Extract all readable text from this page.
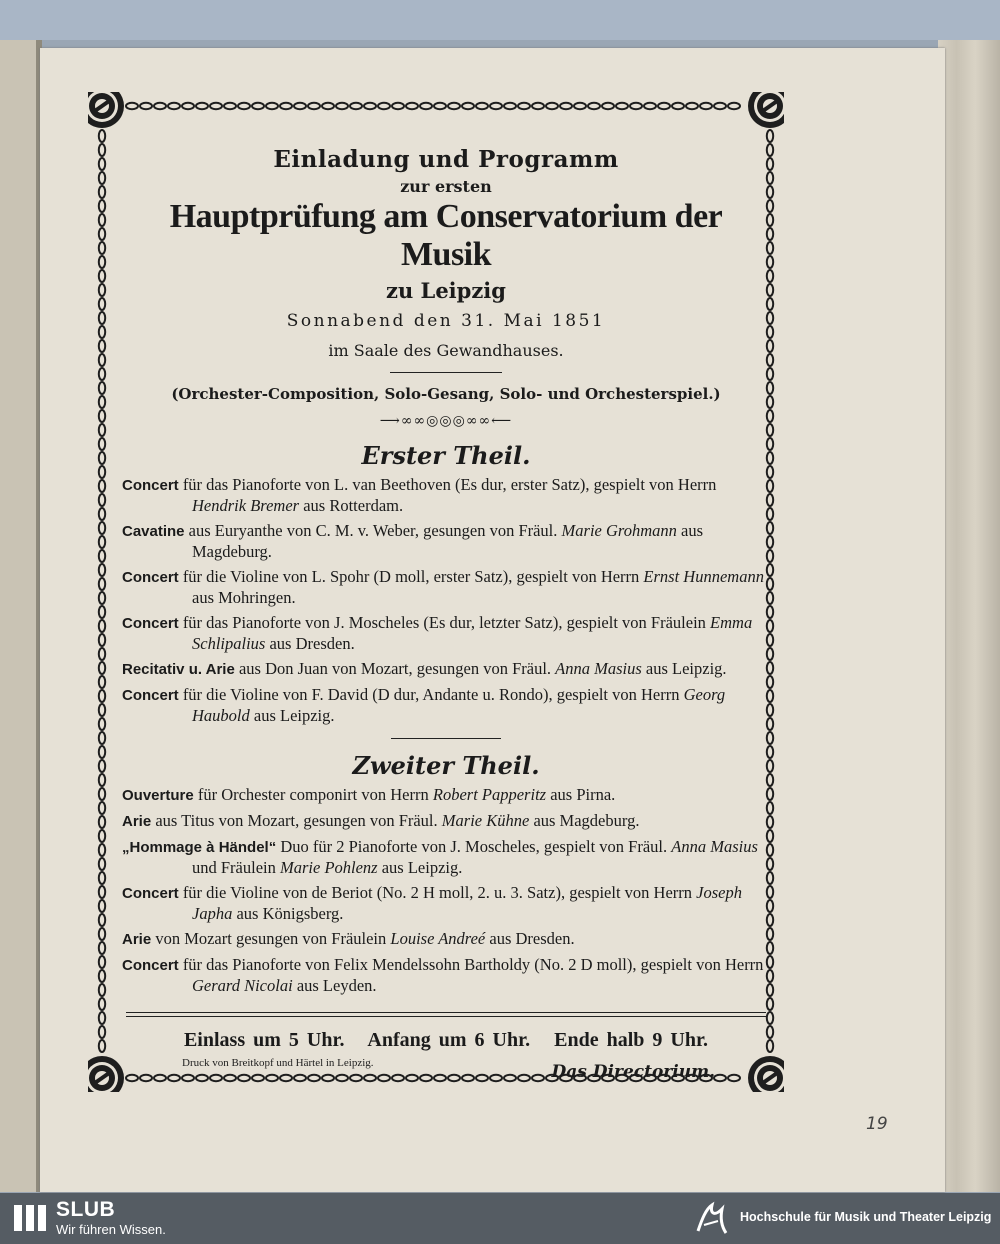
Einladung und Programm
zur ersten
Hauptprüfung am Conservatorium der Musik
zu Leipzig
Sonnabend den 31. Mai 1851
im Saale des Gewandhauses.
(Orchester-Composition, Solo-Gesang, Solo- und Orchesterspiel.)
⟶∞∞◎◎◎∞∞⟵
Erster Theil.
Concert für das Pianoforte von L. van Beethoven (Es dur, erster Satz), gespielt von Herrn Hendrik Bremer aus Rotterdam.
Cavatine aus Euryanthe von C. M. v. Weber, gesungen von Fräul. Marie Grohmann aus Magdeburg.
Concert für die Violine von L. Spohr (D moll, erster Satz), gespielt von Herrn Ernst Hunnemann aus Mohringen.
Concert für das Pianoforte von J. Moscheles (Es dur, letzter Satz), gespielt von Fräulein Emma Schlipalius aus Dresden.
Recitativ u. Arie aus Don Juan von Mozart, gesungen von Fräul. Anna Masius aus Leipzig.
Concert für die Violine von F. David (D dur, Andante u. Rondo), gespielt von Herrn Georg Haubold aus Leipzig.
Zweiter Theil.
Ouverture für Orchester componirt von Herrn Robert Papperitz aus Pirna.
Arie aus Titus von Mozart, gesungen von Fräul. Marie Kühne aus Magdeburg.
„Hommage à Händel“ Duo für 2 Pianoforte von J. Moscheles, gespielt von Fräul. Anna Masius und Fräulein Marie Pohlenz aus Leipzig.
Concert für die Violine von de Beriot (No. 2 H moll, 2. u. 3. Satz), gespielt von Herrn Joseph Japha aus Königsberg.
Arie von Mozart gesungen von Fräulein Louise Andreé aus Dresden.
Concert für das Pianoforte von Felix Mendelssohn Bartholdy (No. 2 D moll), gespielt von Herrn Gerard Nicolai aus Leyden.
Einlass um 5 Uhr.   Anfang um 6 Uhr.   Ende halb 9 Uhr.
Das Directorium.
Druck von Breitkopf und Härtel in Leipzig.
19
SLUB
Wir führen Wissen.
Hochschule für Musik und Theater Leipzig
